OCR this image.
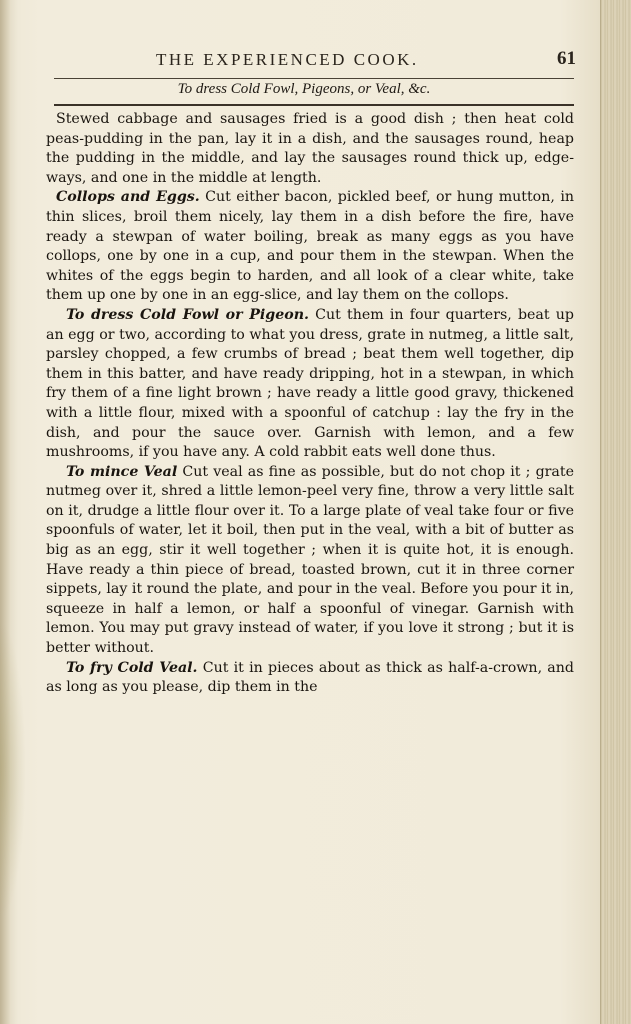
THE EXPERIENCED COOK.	61
To dress Cold Fowl, Pigeons, or Veal, &c.

Stewed cabbage and sausages fried is a good dish ; then heat cold peas-pudding in the pan, lay it in a dish, and the sausages round, heap the pudding in the middle, and lay the sausages round thick up, edge-ways, and one in the middle at length.

Collops and Eggs. Cut either bacon, pickled beef, or hung mutton, in thin slices, broil them nicely, lay them in a dish before the fire, have ready a stewpan of water boiling, break as many eggs as you have collops, one by one in a cup, and pour them in the stewpan. When the whites of the eggs begin to harden, and all look of a clear white, take them up one by one in an egg-slice, and lay them on the collops.

To dress Cold Fowl or Pigeon. Cut them in four quarters, beat up an egg or two, according to what you dress, grate in nutmeg, a little salt, parsley chopped, a few crumbs of bread ; beat them well together, dip them in this batter, and have ready dripping, hot in a stewpan, in which fry them of a fine light brown ; have ready a little good gravy, thickened with a little flour, mixed with a spoonful of catchup : lay the fry in the dish, and pour the sauce over. Garnish with lemon, and a few mushrooms, if you have any. A cold rabbit eats well done thus.

To mince Veal Cut veal as fine as possible, but do not chop it ; grate nutmeg over it, shred a little lemon-peel very fine, throw a very little salt on it, drudge a little flour over it. To a large plate of veal take four or five spoonfuls of water, let it boil, then put in the veal, with a bit of butter as big as an egg, stir it well together ; when it is quite hot, it is enough. Have ready a thin piece of bread, toasted brown, cut it in three corner sippets, lay it round the plate, and pour in the veal. Before you pour it in, squeeze in half a lemon, or half a spoonful of vinegar. Garnish with lemon. You may put gravy instead of water, if you love it strong ; but it is better without.

To fry Cold Veal. Cut it in pieces about as thick as half-a-crown, and as long as you please, dip them in the
